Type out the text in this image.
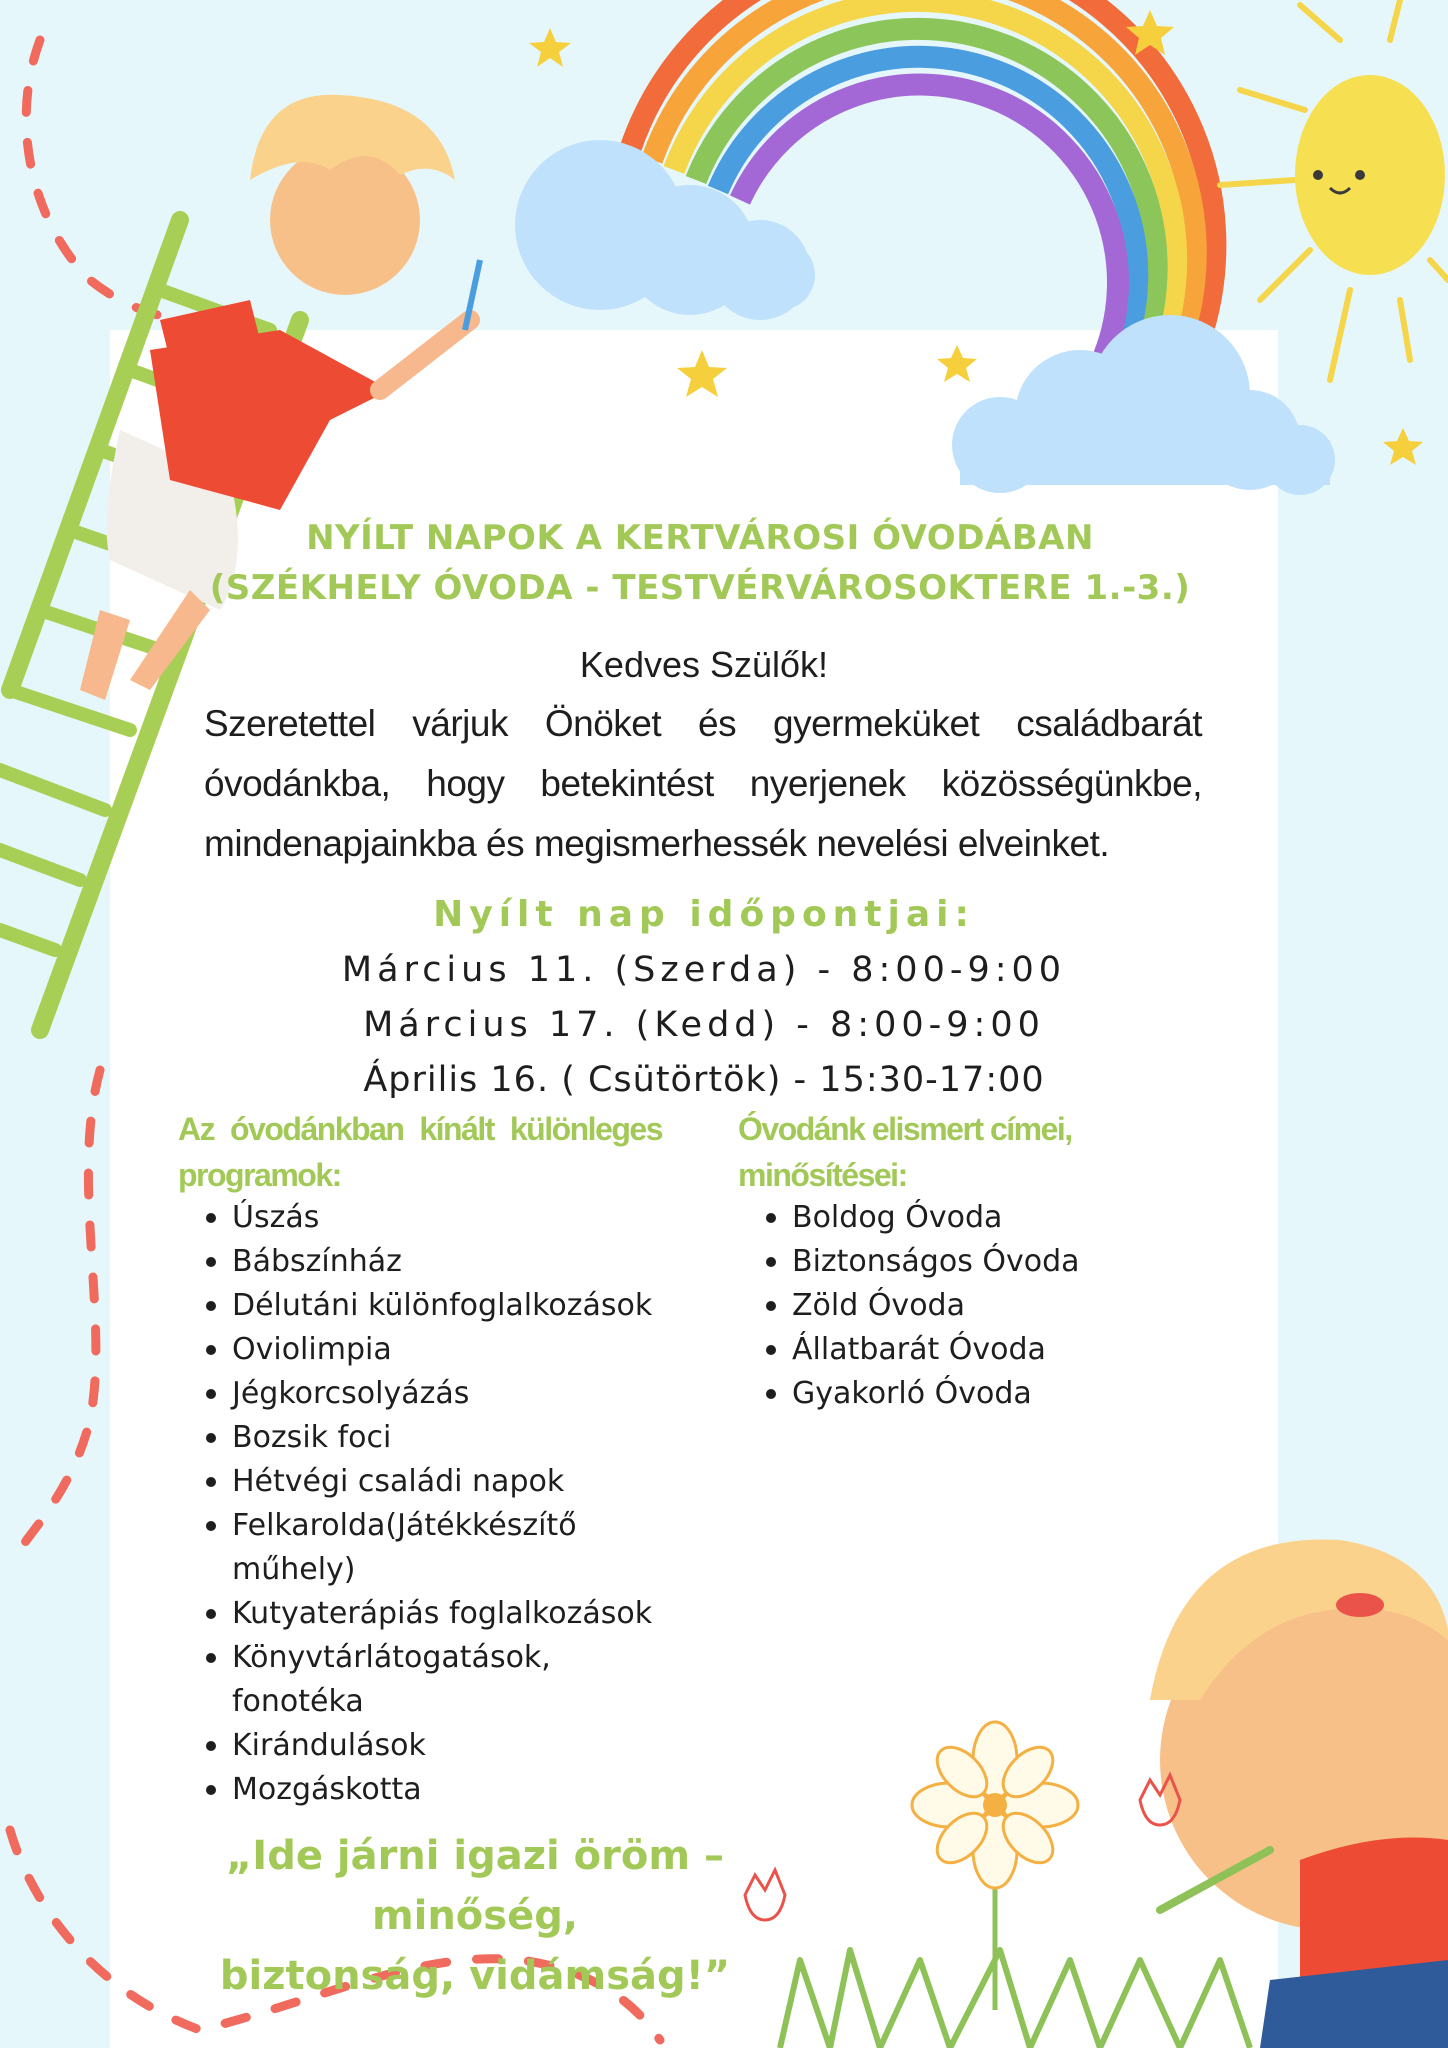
NYÍLT NAPOK A KERTVÁROSI ÓVODÁBAN
(SZÉKHELY ÓVODA - TESTVÉRVÁROSOKTERE 1.-3.)
Kedves Szülők!
Szeretettel várjuk Önöket és gyermeküket családbarát óvodánkba, hogy betekintést nyerjenek közösségünkbe, mindenapjainkba és megismerhessék nevelési elveinket.
Nyílt nap időpontjai:
Március 11. (Szerda) - 8:00-9:00
Március 17. (Kedd) - 8:00-9:00
Április 16. ( Csütörtök) - 15:30-17:00
Az óvodánkban kínált különleges programok:
Úszás
Bábszínház
Délutáni különfoglalkozások
Oviolimpia
Jégkorcsolyázás
Bozsik foci
Hétvégi családi napok
Felkarolda(Játékkészítő műhely)
Kutyaterápiás foglalkozások
Könyvtárlátogatások, fonotéka
Kirándulások
Mozgáskotta
Óvodánk elismert címei, minősítései:
Boldog Óvoda
Biztonságos Óvoda
Zöld Óvoda
Állatbarát Óvoda
Gyakorló Óvoda
„Ide járni igazi öröm – minőség,
biztonság, vidámság!”
